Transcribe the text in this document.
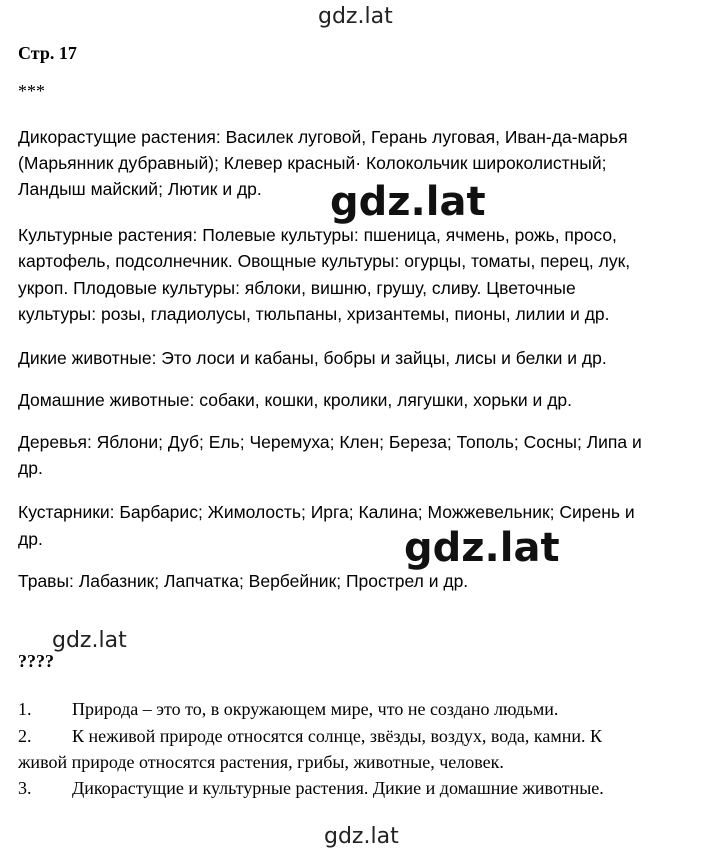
gdz.lat
gdz.lat
gdz.lat
gdz.lat
gdz.lat
Стр. 17
***
Дикорастущие растения: Василек луговой, Герань луговая, Иван-да-марья
(Марьянник дубравный); Клевер красный· Колокольчик широколистный;
Ландыш майский; Лютик и др.
Культурные растения: Полевые культуры: пшеница, ячмень, рожь, просо,
картофель, подсолнечник. Овощные культуры: огурцы, томаты, перец, лук,
укроп. Плодовые культуры: яблоки, вишню, грушу, сливу. Цветочные
культуры: розы, гладиолусы, тюльпаны, хризантемы, пионы, лилии и др.
Дикие животные: Это лоси и кабаны, бобры и зайцы, лисы и белки и др.
Домашние животные: собаки, кошки, кролики, лягушки, хорьки и др.
Деревья: Яблони; Дуб; Ель; Черемуха; Клен; Береза; Тополь; Сосны; Липа и
др.
Кустарники: Барбарис; Жимолость; Ирга; Калина; Можжевельник; Сирень и
др.
Травы: Лабазник; Лапчатка; Вербейник; Прострел и др.
????
1. Природа – это то, в окружающем мире, что не создано людьми.
2. К неживой природе относятся солнце, звёзды, воздух, вода, камни. К
живой природе относятся растения, грибы, животные, человек.
3. Дикорастущие и культурные растения. Дикие и домашние животные.
